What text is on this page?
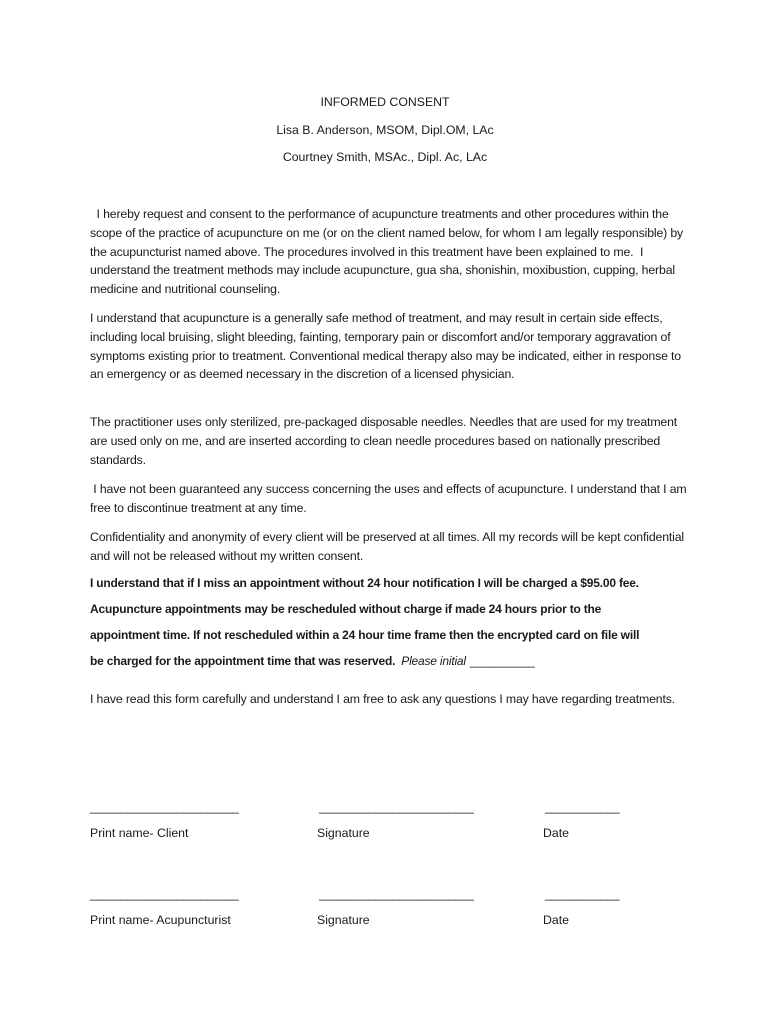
INFORMED CONSENT
Lisa B. Anderson, MSOM, Dipl.OM, LAc
Courtney Smith, MSAc., Dipl. Ac, LAc

I hereby request and consent to the performance of acupuncture treatments and other procedures within the scope of the practice of acupuncture on me (or on the client named below, for whom I am legally responsible) by the acupuncturist named above. The procedures involved in this treatment have been explained to me.  I understand the treatment methods may include acupuncture, gua sha, shonishin, moxibustion, cupping, herbal medicine and nutritional counseling.

I understand that acupuncture is a generally safe method of treatment, and may result in certain side effects, including local bruising, slight bleeding, fainting, temporary pain or discomfort and/or temporary aggravation of symptoms existing prior to treatment. Conventional medical therapy also may be indicated, either in response to an emergency or as deemed necessary in the discretion of a licensed physician.

The practitioner uses only sterilized, pre-packaged disposable needles. Needles that are used for my treatment are used only on me, and are inserted according to clean needle procedures based on nationally prescribed standards.

I have not been guaranteed any success concerning the uses and effects of acupuncture. I understand that I am free to discontinue treatment at any time.

Confidentiality and anonymity of every client will be preserved at all times. All my records will be kept confidential and will not be released without my written consent.

I understand that if I miss an appointment without 24 hour notification I will be charged a $95.00 fee.

Acupuncture appointments may be rescheduled without charge if made 24 hours prior to the

appointment time. If not rescheduled within a 24 hour time frame then the encrypted card on file will

be charged for the appointment time that was reserved. Please initial __________

I have read this form carefully and understand I am free to ask any questions I may have regarding treatments.

________________________	_________________________	____________
Print name- Client	Signature	Date
________________________	_________________________	____________
Print name- Acupuncturist	Signature	Date
